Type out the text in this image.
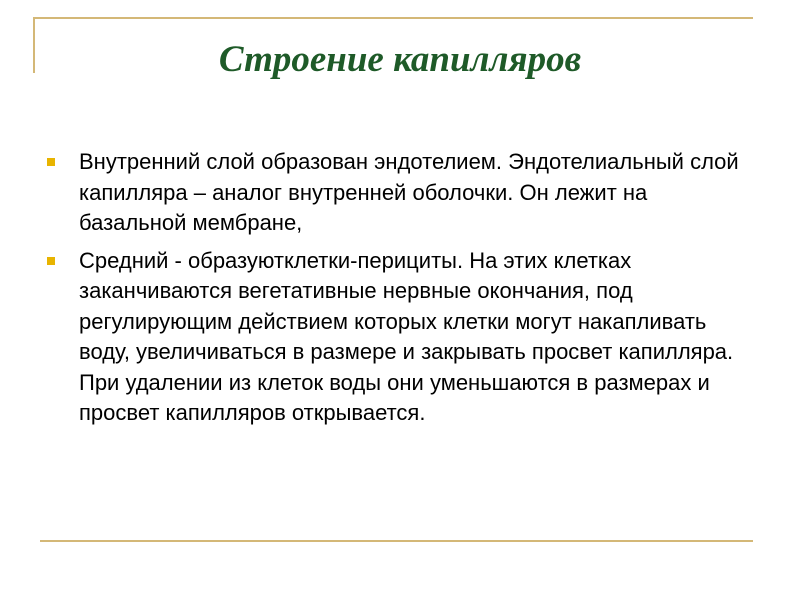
Строение капилляров
Внутренний слой образован эндотелием. Эндотелиальный слой капилляра – аналог внутренней оболочки. Он лежит на базальной мембране,
Средний - образуютклетки-перициты. На этих клетках заканчиваются вегетативные нервные окончания, под регулирующим действием которых клетки могут накапливать воду, увеличиваться в размере и закрывать просвет капилляра. При удалении из клеток воды они уменьшаются в размерах и просвет капилляров открывается.
